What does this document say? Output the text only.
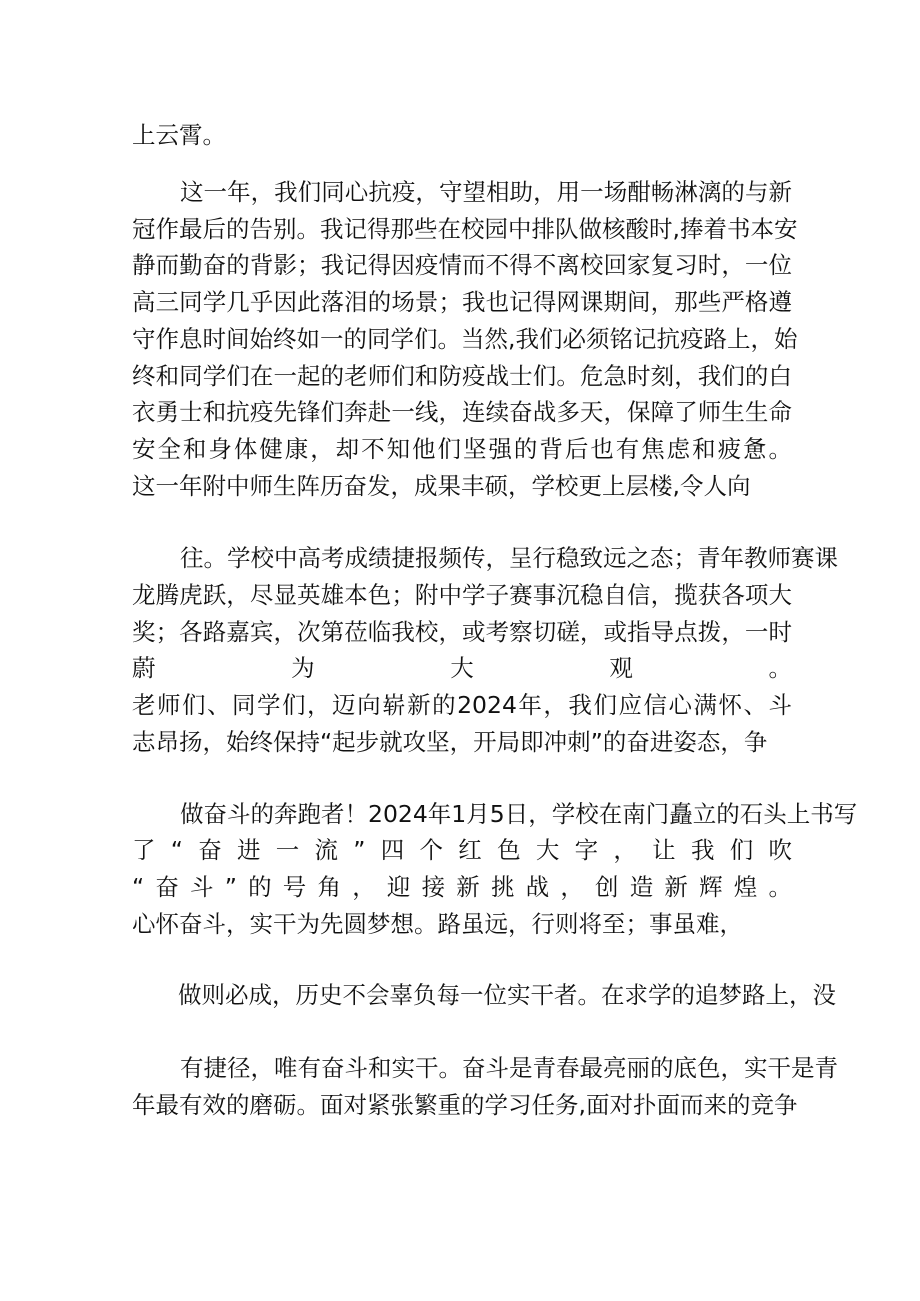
上云霄。
这一年，我们同心抗疫，守望相助，用一场酣畅淋漓的与新
冠作最后的告别。我记得那些在校园中排队做核酸时,捧着书本安
静而勤奋的背影；我记得因疫情而不得不离校回家复习时，一位
高三同学几乎因此落泪的场景；我也记得网课期间，那些严格遵
守作息时间始终如一的同学们。当然,我们必须铭记抗疫路上，始
终和同学们在一起的老师们和防疫战士们。危急时刻，我们的白
衣勇士和抗疫先锋们奔赴一线，连续奋战多天，保障了师生生命
安全和身体健康，却不知他们坚强的背后也有焦虑和疲惫。
这一年附中师生阵历奋发，成果丰硕，学校更上层楼,令人向
往。学校中高考成绩捷报频传，呈行稳致远之态；青年教师赛课
龙腾虎跃，尽显英雄本色；附中学子赛事沉稳自信，揽获各项大
奖；各路嘉宾，次第莅临我校，或考察切磋，或指导点拨，一时
蔚为大观。
老师们、同学们，迈向崭新的2024年，我们应信心满怀、斗
志昂扬，始终保持“起步就攻坚，开局即冲刺”的奋进姿态，争
做奋斗的奔跑者！2024年1月5日，学校在南门矗立的石头上书写
了“奋进一流”四个红色大字，让我们吹
“奋斗”的号角，迎接新挑战，创造新辉煌。
心怀奋斗，实干为先圆梦想。路虽远，行则将至；事虽难，
做则必成，历史不会辜负每一位实干者。在求学的追梦路上，没
有捷径，唯有奋斗和实干。奋斗是青春最亮丽的底色，实干是青
年最有效的磨砺。面对紧张繁重的学习任务,面对扑面而来的竞争
